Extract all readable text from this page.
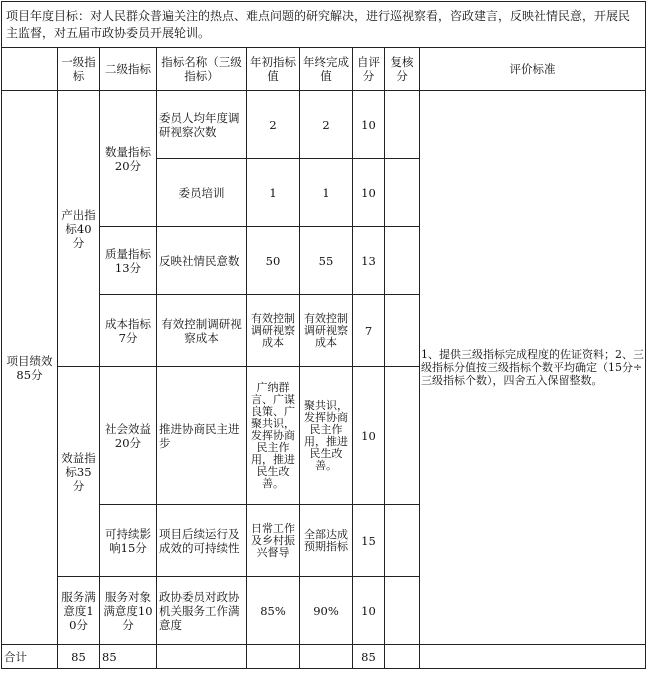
项目年度目标：对人民群众普遍关注的热点、难点问题的研究解决，进行巡视察看，咨政建言，反映社情民意，开展民主监督，对五届市政协委员开展轮训。								
	一级指标	二级指标	指标名称（三级指标）	年初指标值	年终完成值	自评分	复核分	评价标准
项目绩效85分	产出指标40分	数量指标20分	委员人均年度调研视察次数	2	2	10		1、提供三级指标完成程度的佐证资料；2、三级指标分值按三级指标个数平均确定（15分÷三级指标个数），四舍五入保留整数。
			委员培训	1	1	10		
		质量指标13分	反映社情民意数	50	55	13		
		成本指标7分	有效控制调研视察成本	有效控制调研视察成本	有效控制调研视察成本	7		
	效益指标35分	社会效益20分	推进协商民主进步	广纳群言、广谋良策、广聚共识，发挥协商民主作用，推进民生改善。	聚共识，发挥协商民主作用，推进民生改善。	10		
		可持续影响15分	项目后续运行及成效的可持续性	日常工作及乡村振兴督导	全部达成预期指标	15		
	服务满意度10分	服务对象满意度10分	政协委员对政协机关服务工作满意度	85%	90%	10		
合计	85	85				85		
